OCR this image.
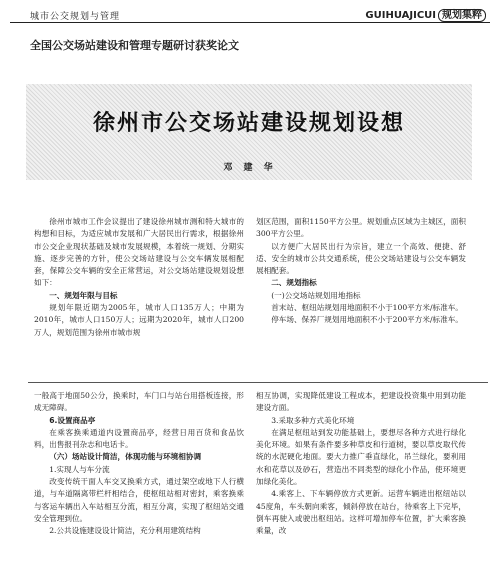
城市公交规划与管理	GUIHUAJICUI 规划集粹
全国公交场站建设和管理专题研讨获奖论文
徐州市公交场站建设规划设想
邓 建 华

徐州市城市工作会议提出了建设徐州城市测和特大城市的构想和目标，为适应城市发展和广大居民出行需求，根据徐州市公交企业现状基础及城市发展规模，本着统一规划、分期实施、逐步完善的方针，使公交场站建设与公交车辆发展相配套，保障公交车辆的安全正常营运，对公交场站建设规划设想如下：

一、规划年限与目标

规划年限近期为2005年，城市人口135万人；中期为2010年，城市人口150万人；远期为2020年，城市人口200万人，规划范围为徐州市城市规

划区范围，面积1150平方公里。规划重点区域为主城区，面积300平方公里。

以方便广大居民出行为宗旨，建立一个高效、便捷、舒适、安全的城市公共交通系统，使公交场站建设与公交车辆发展相配套。

二、规划指标

(一)公交场站规划用地指标

首末站、枢纽站规划用地面积不小于100平方米/标准车。

停车场、保养厂规划用地面积不小于200平方米/标准车。

一般高于地面50公分，换乘时，车门口与站台用搭板连接，形成无障碍。

6.设置商品亭

在乘客换乘通道内设置商品亭，经营日用百货和食品饮料，出售报刊杂志和电话卡。

（六）场站设计简洁，体现功能与环境相协调

1.实现人与车分流

改变传统干面人车交叉换乘方式，通过架空或地下人行横道，与车道隔离带栏杆相结合，使枢纽站相对密封，乘客换乘与客运车辆出入车站相互分流，相互分离，实现了枢纽站交通安全管理到位。

2.公共设施建设设计简洁，充分利用建筑结构

相互协调，实现降低建设工程成本，把建设投资集中用到功能建设方面。

3.采取多种方式美化环境

在满足枢纽站到发功能基础上，要想尽各种方式进行绿化美化环境。如果有条件要多种草皮和行道树，要以草皮取代传统的水泥硬化地面。要大力推广垂直绿化，吊兰绿化，要利用水和花草以及砂石，营造出不同类型的绿化小作品，使环境更加绿化美化。

4.乘客上、下车辆停放方式更新。运营车辆进出枢纽站以45度角，车头朝向乘客，倾斜停放在站台，待乘客上下完毕，倒车再驶入或驶出枢纽站。这样可增加停车位置，扩大乘客换乘量，改
